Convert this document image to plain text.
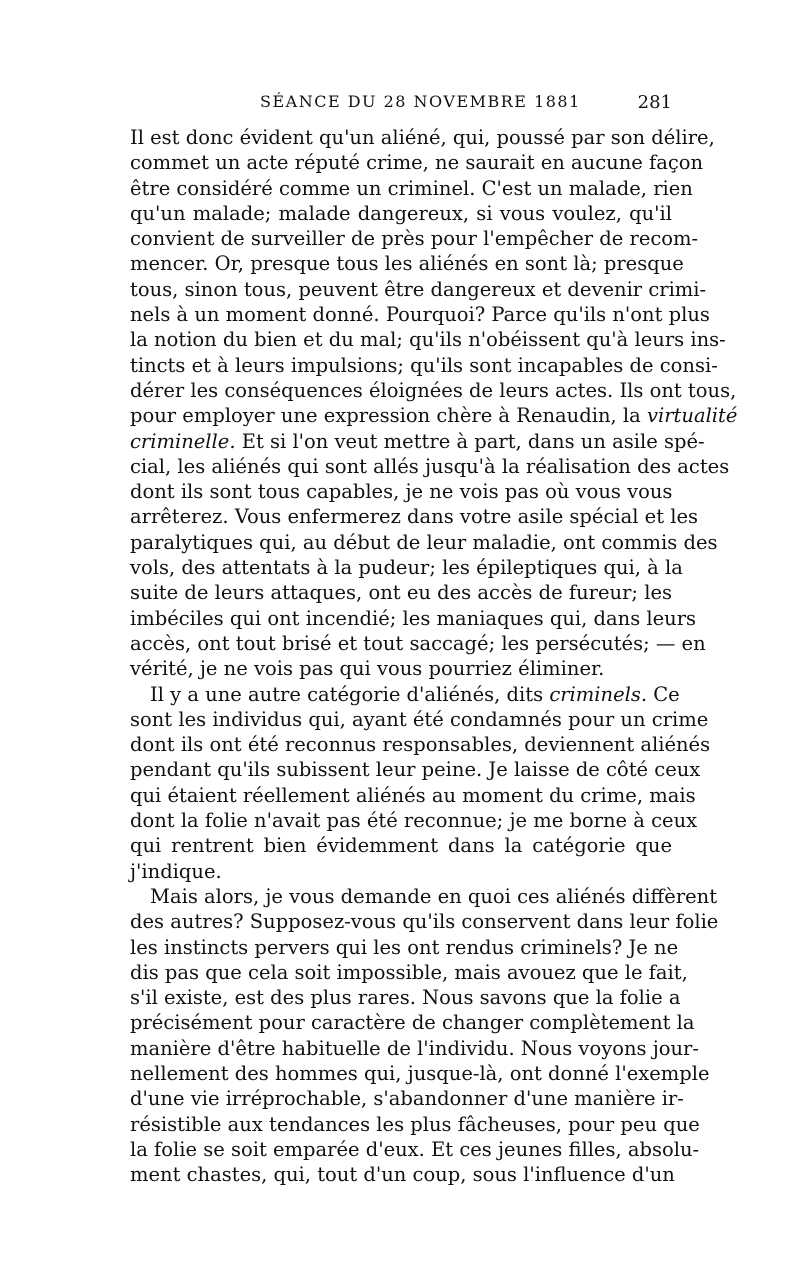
SÉANCE DU 28 NOVEMBRE 1881	281
Il est donc évident qu'un aliéné, qui, poussé par son délire,
commet un acte réputé crime, ne saurait en aucune façon
être considéré comme un criminel. C'est un malade, rien
qu'un malade; malade dangereux, si vous voulez, qu'il
convient de surveiller de près pour l'empêcher de recom-
mencer. Or, presque tous les aliénés en sont là; presque
tous, sinon tous, peuvent être dangereux et devenir crimi-
nels à un moment donné. Pourquoi? Parce qu'ils n'ont plus
la notion du bien et du mal; qu'ils n'obéissent qu'à leurs ins-
tincts et à leurs impulsions; qu'ils sont incapables de consi-
dérer les conséquences éloignées de leurs actes. Ils ont tous,
pour employer une expression chère à Renaudin, la virtualité
criminelle. Et si l'on veut mettre à part, dans un asile spé-
cial, les aliénés qui sont allés jusqu'à la réalisation des actes
dont ils sont tous capables, je ne vois pas où vous vous
arrêterez. Vous enfermerez dans votre asile spécial et les
paralytiques qui, au début de leur maladie, ont commis des
vols, des attentats à la pudeur; les épileptiques qui, à la
suite de leurs attaques, ont eu des accès de fureur; les
imbéciles qui ont incendié; les maniaques qui, dans leurs
accès, ont tout brisé et tout saccagé; les persécutés; — en
vérité, je ne vois pas qui vous pourriez éliminer.
Il y a une autre catégorie d'aliénés, dits criminels. Ce
sont les individus qui, ayant été condamnés pour un crime
dont ils ont été reconnus responsables, deviennent aliénés
pendant qu'ils subissent leur peine. Je laisse de côté ceux
qui étaient réellement aliénés au moment du crime, mais
dont la folie n'avait pas été reconnue; je me borne à ceux
qui rentrent bien évidemment dans la catégorie que
j'indique.
Mais alors, je vous demande en quoi ces aliénés diffèrent
des autres? Supposez-vous qu'ils conservent dans leur folie
les instincts pervers qui les ont rendus criminels? Je ne
dis pas que cela soit impossible, mais avouez que le fait,
s'il existe, est des plus rares. Nous savons que la folie a
précisément pour caractère de changer complètement la
manière d'être habituelle de l'individu. Nous voyons jour-
nellement des hommes qui, jusque-là, ont donné l'exemple
d'une vie irréprochable, s'abandonner d'une manière ir-
résistible aux tendances les plus fâcheuses, pour peu que
la folie se soit emparée d'eux. Et ces jeunes filles, absolu-
ment chastes, qui, tout d'un coup, sous l'influence d'un
